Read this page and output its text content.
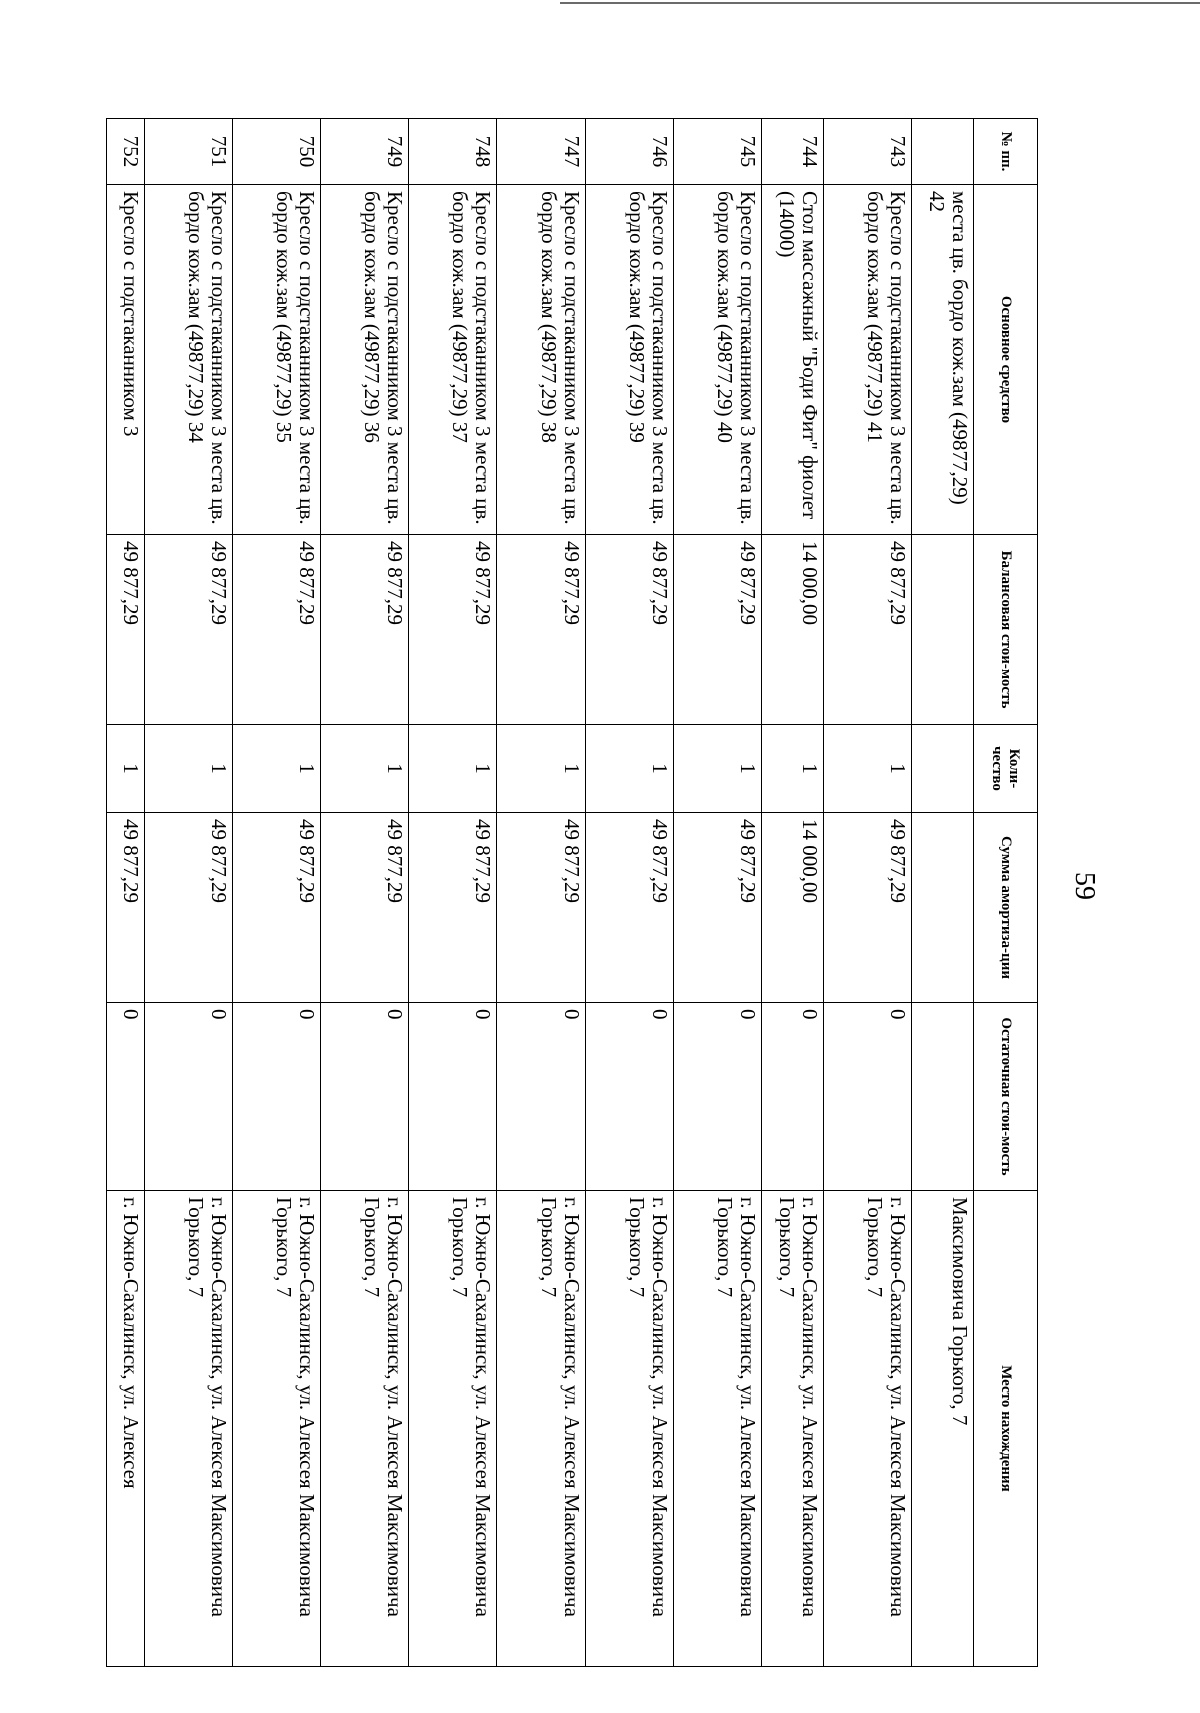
59
№ пп.	Основное средство	Балансовая стои-мость	Коли-чество	Сумма амортиза-ции	Остаточная стои-мость	Место нахождения
	места цв. бордо кож.зам (49877,29) 42					Максимовича Горького, 7
743	Кресло с подстаканником 3 места цв. бордо кож.зам (49877,29) 41	49 877,29	1	49 877,29	0	г. Южно-Сахалинск, ул. Алексея Максимовича Горького, 7
744	Стол массажный "Боди Фит" фиолет (14000)	14 000,00	1	14 000,00	0	г. Южно-Сахалинск, ул. Алексея Максимовича Горького, 7
745	Кресло с подстаканником 3 места цв. бордо кож.зам (49877,29) 40	49 877,29	1	49 877,29	0	г. Южно-Сахалинск, ул. Алексея Максимовича Горького, 7
746	Кресло с подстаканником 3 места цв. бордо кож.зам (49877,29) 39	49 877,29	1	49 877,29	0	г. Южно-Сахалинск, ул. Алексея Максимовича Горького, 7
747	Кресло с подстаканником 3 места цв. бордо кож.зам (49877,29) 38	49 877,29	1	49 877,29	0	г. Южно-Сахалинск, ул. Алексея Максимовича Горького, 7
748	Кресло с подстаканником 3 места цв. бордо кож.зам (49877,29) 37	49 877,29	1	49 877,29	0	г. Южно-Сахалинск, ул. Алексея Максимовича Горького, 7
749	Кресло с подстаканником 3 места цв. бордо кож.зам (49877,29) 36	49 877,29	1	49 877,29	0	г. Южно-Сахалинск, ул. Алексея Максимовича Горького, 7
750	Кресло с подстаканником 3 места цв. бордо кож.зам (49877,29) 35	49 877,29	1	49 877,29	0	г. Южно-Сахалинск, ул. Алексея Максимовича Горького, 7
751	Кресло с подстаканником 3 места цв. бордо кож.зам (49877,29) 34	49 877,29	1	49 877,29	0	г. Южно-Сахалинск, ул. Алексея Максимовича Горького, 7
752	Кресло с подстаканником 3	49 877,29	1	49 877,29	0	г. Южно-Сахалинск, ул. Алексея
